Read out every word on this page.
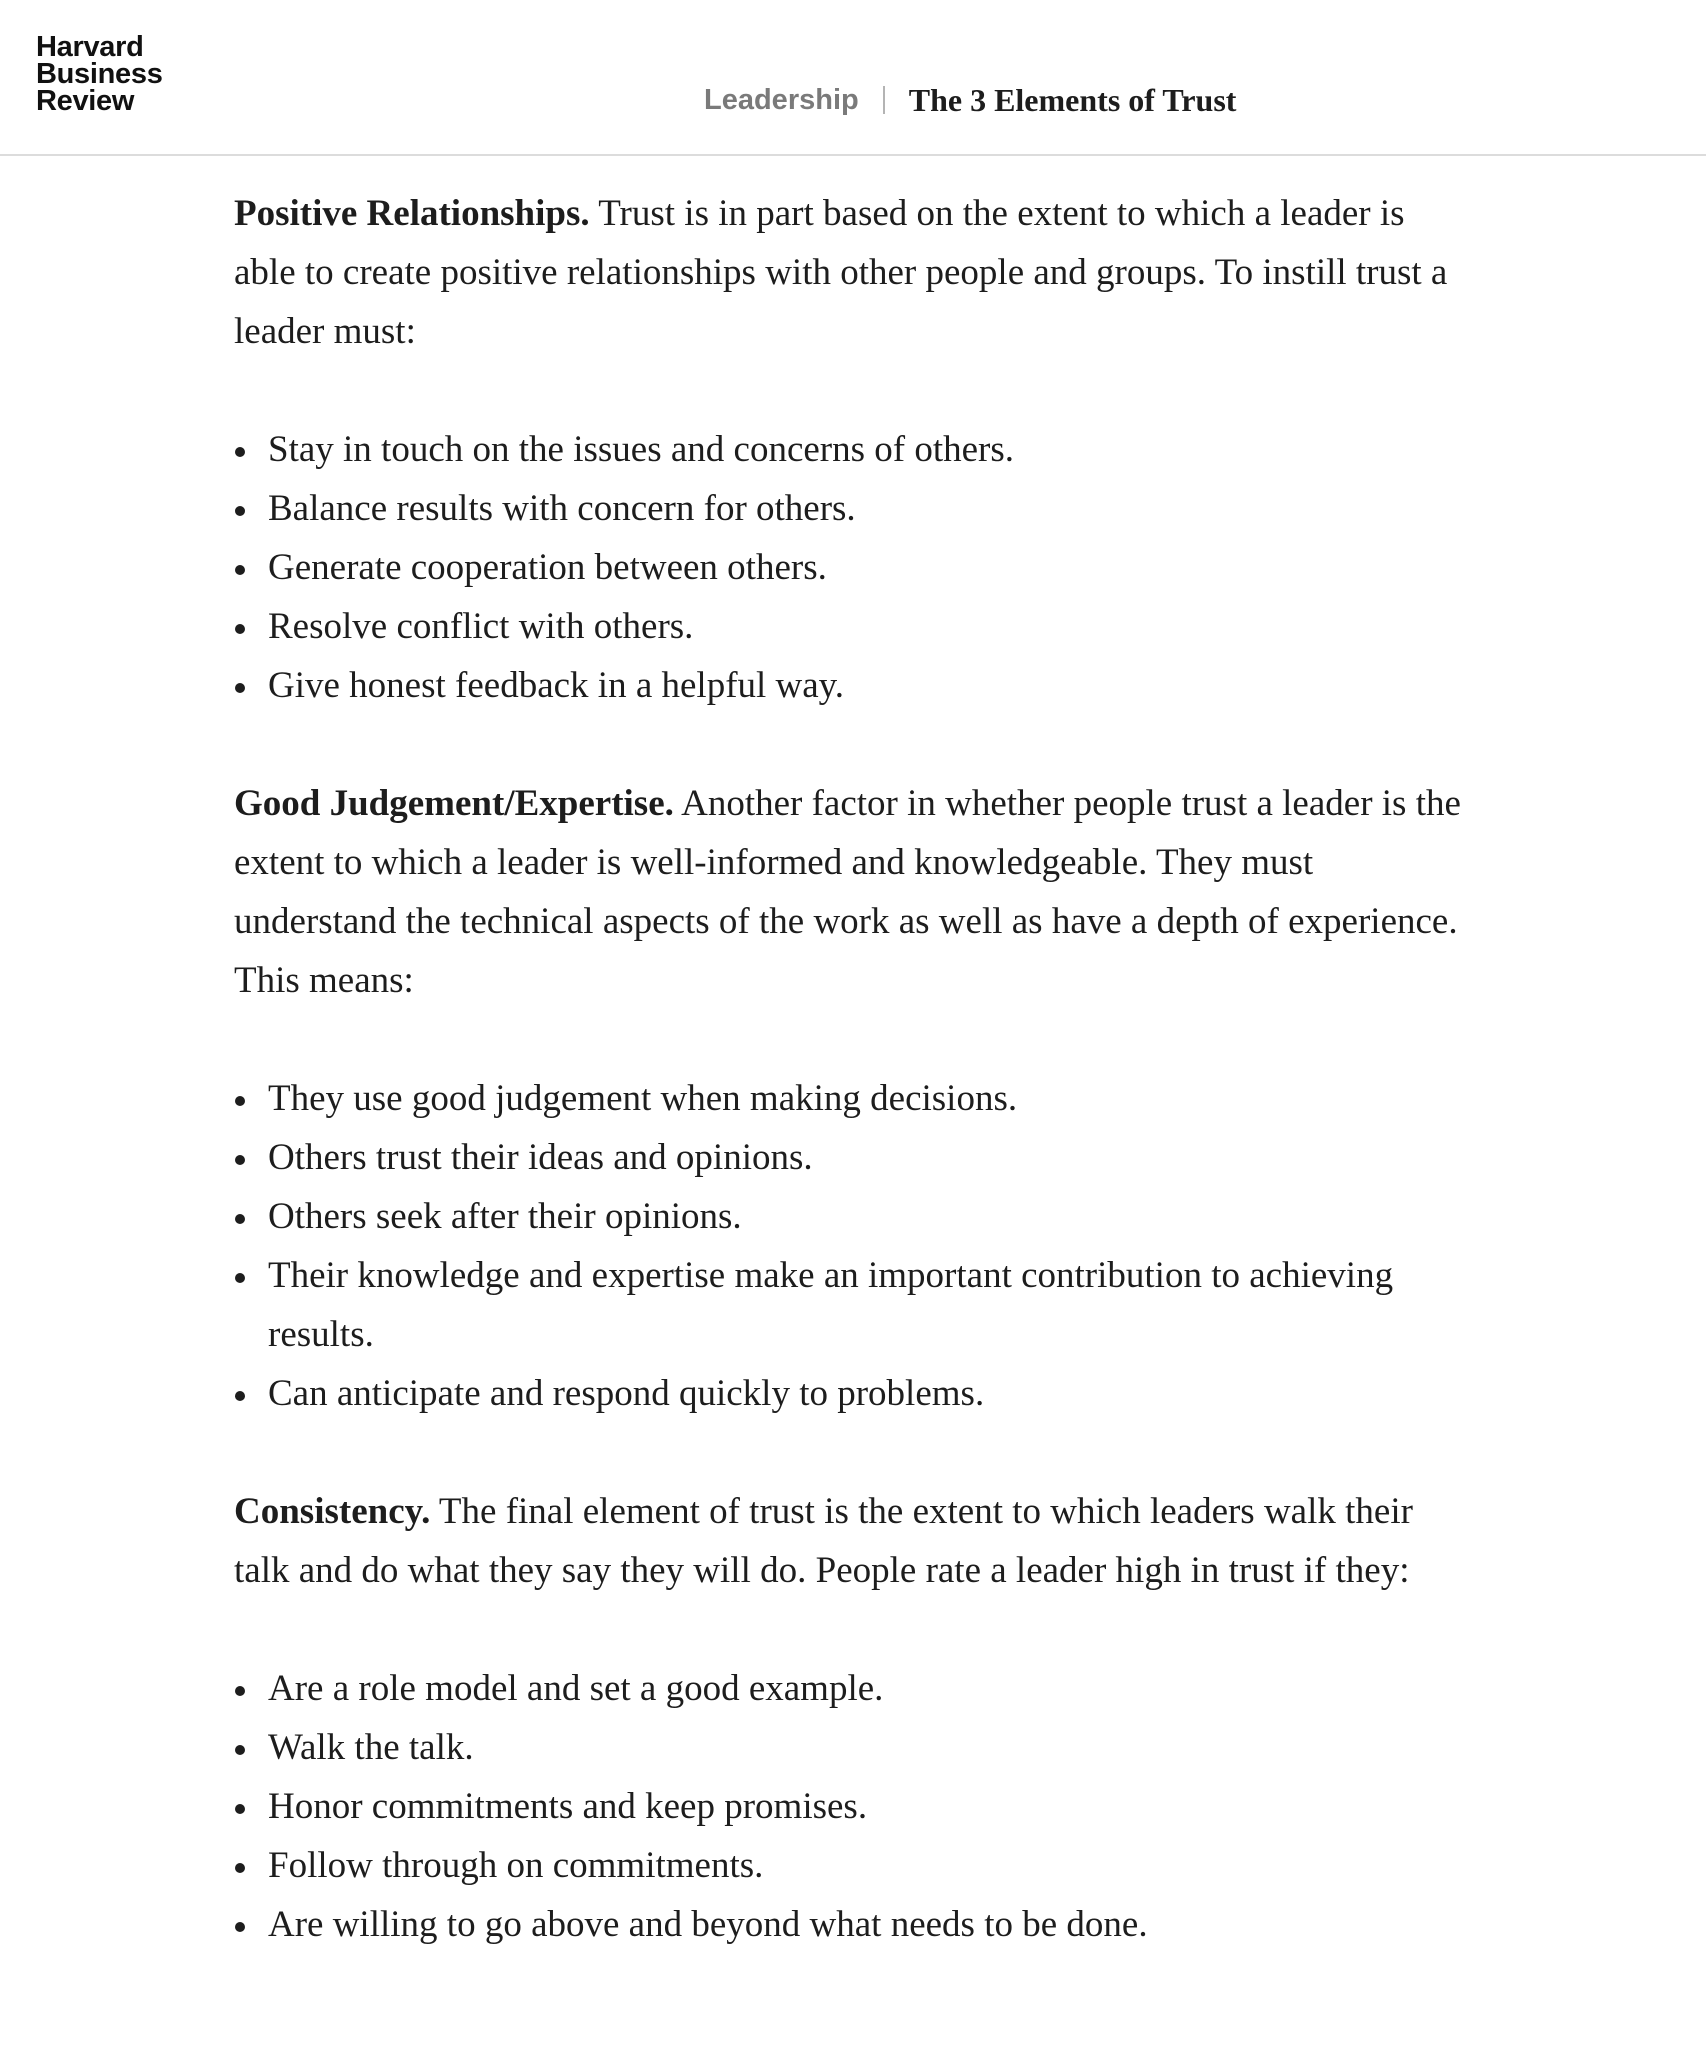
Harvard
Business
Review	Leadership The 3 Elements of Trust

Positive Relationships. Trust is in part based on the extent to which a leader is able to create positive relationships with other people and groups. To instill trust a leader must:

Stay in touch on the issues and concerns of others.
Balance results with concern for others.
Generate cooperation between others.
Resolve conflict with others.
Give honest feedback in a helpful way.

Good Judgement/Expertise. Another factor in whether people trust a leader is the extent to which a leader is well-informed and knowledgeable. They must understand the technical aspects of the work as well as have a depth of experience. This means:

They use good judgement when making decisions.
Others trust their ideas and opinions.
Others seek after their opinions.
Their knowledge and expertise make an important contribution to achieving results.
Can anticipate and respond quickly to problems.

Consistency. The final element of trust is the extent to which leaders walk their talk and do what they say they will do. People rate a leader high in trust if they:

Are a role model and set a good example.
Walk the talk.
Honor commitments and keep promises.
Follow through on commitments.
Are willing to go above and beyond what needs to be done.
